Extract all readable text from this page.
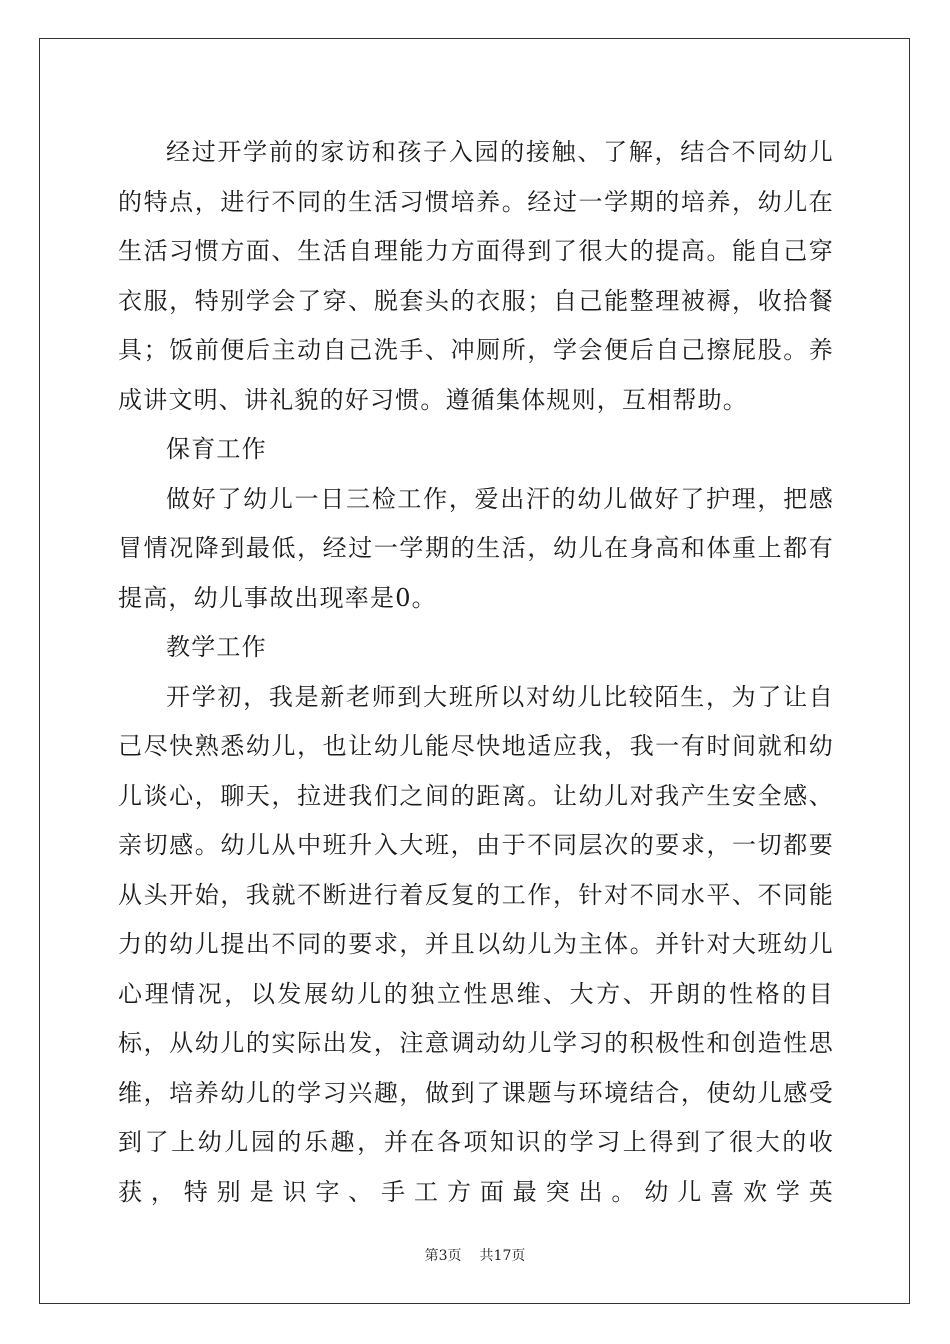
经过开学前的家访和孩子入园的接触、了解，结合不同幼儿的特点，进行不同的生活习惯培养。经过一学期的培养，幼儿在生活习惯方面、生活自理能力方面得到了很大的提高。能自己穿衣服，特别学会了穿、脱套头的衣服；自己能整理被褥，收拾餐具；饭前便后主动自己洗手、冲厕所，学会便后自己擦屁股。养成讲文明、讲礼貌的好习惯。遵循集体规则，互相帮助。

保育工作

做好了幼儿一日三检工作，爱出汗的幼儿做好了护理，把感冒情况降到最低，经过一学期的生活，幼儿在身高和体重上都有提高，幼儿事故出现率是0。

教学工作

开学初，我是新老师到大班所以对幼儿比较陌生，为了让自己尽快熟悉幼儿，也让幼儿能尽快地适应我，我一有时间就和幼儿谈心，聊天，拉进我们之间的距离。让幼儿对我产生安全感、亲切感。幼儿从中班升入大班，由于不同层次的要求，一切都要从头开始，我就不断进行着反复的工作，针对不同水平、不同能力的幼儿提出不同的要求，并且以幼儿为主体。并针对大班幼儿心理情况，以发展幼儿的独立性思维、大方、开朗的性格的目标，从幼儿的实际出发，注意调动幼儿学习的积极性和创造性思维，培养幼儿的学习兴趣，做到了课题与环境结合，使幼儿感受到了上幼儿园的乐趣，并在各项知识的学习上得到了很大的收获，特别是识字、手工方面最突出。幼儿喜欢学英

第3页 共17页
